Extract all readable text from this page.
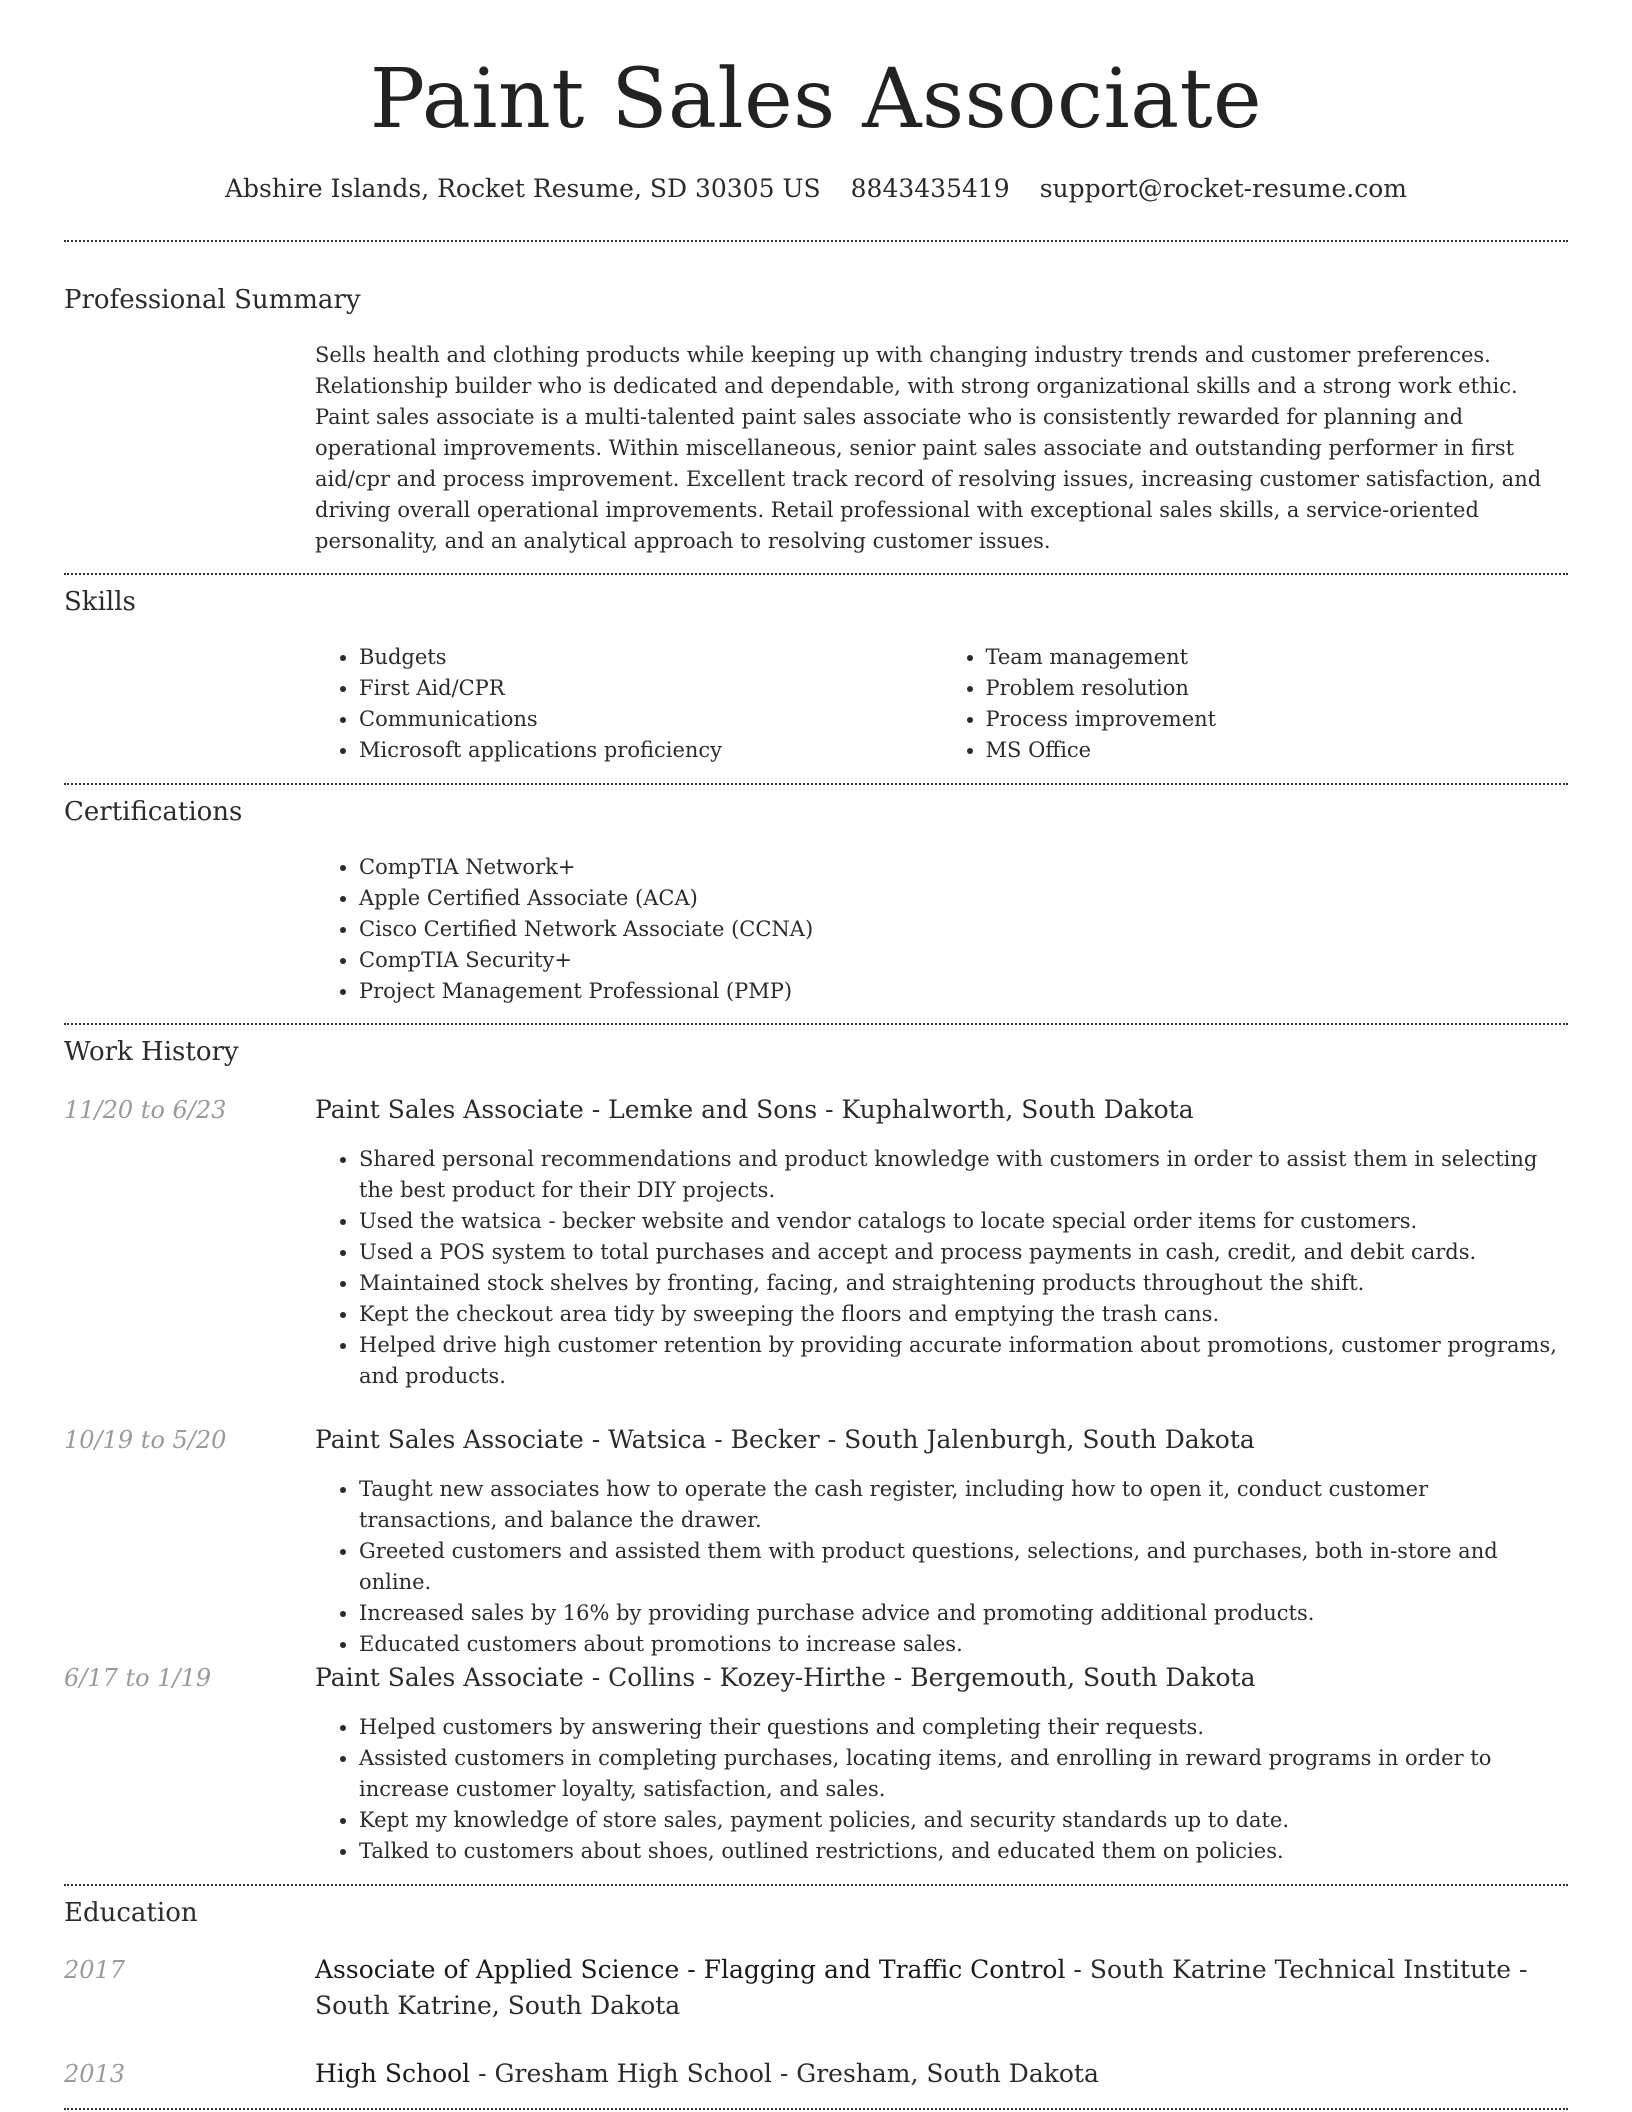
Paint Sales Associate
Abshire Islands, Rocket Resume, SD 30305 US 8843435419 support@rocket-resume.com
Professional Summary
Sells health and clothing products while keeping up with changing industry trends and customer preferences. Relationship builder who is dedicated and dependable, with strong organizational skills and a strong work ethic. Paint sales associate is a multi-talented paint sales associate who is consistently rewarded for planning and operational improvements. Within miscellaneous, senior paint sales associate and outstanding performer in first aid/cpr and process improvement. Excellent track record of resolving issues, increasing customer satisfaction, and driving overall operational improvements. Retail professional with exceptional sales skills, a service-oriented personality, and an analytical approach to resolving customer issues.
Skills
• Budgets
• First Aid/CPR
• Communications
• Microsoft applications proficiency
• Team management
• Problem resolution
• Process improvement
• MS Office
Certifications
• CompTIA Network+
• Apple Certified Associate (ACA)
• Cisco Certified Network Associate (CCNA)
• CompTIA Security+
• Project Management Professional (PMP)
Work History
11/20 to 6/23	Paint Sales Associate - Lemke and Sons - Kuphalworth, South Dakota
• Shared personal recommendations and product knowledge with customers in order to assist them in selecting the best product for their DIY projects.
• Used the watsica - becker website and vendor catalogs to locate special order items for customers.
• Used a POS system to total purchases and accept and process payments in cash, credit, and debit cards.
• Maintained stock shelves by fronting, facing, and straightening products throughout the shift.
• Kept the checkout area tidy by sweeping the floors and emptying the trash cans.
• Helped drive high customer retention by providing accurate information about promotions, customer programs, and products.
10/19 to 5/20	Paint Sales Associate - Watsica - Becker - South Jalenburgh, South Dakota
• Taught new associates how to operate the cash register, including how to open it, conduct customer transactions, and balance the drawer.
• Greeted customers and assisted them with product questions, selections, and purchases, both in-store and online.
• Increased sales by 16% by providing purchase advice and promoting additional products.
• Educated customers about promotions to increase sales.
6/17 to 1/19	Paint Sales Associate - Collins - Kozey-Hirthe - Bergemouth, South Dakota
• Helped customers by answering their questions and completing their requests.
• Assisted customers in completing purchases, locating items, and enrolling in reward programs in order to increase customer loyalty, satisfaction, and sales.
• Kept my knowledge of store sales, payment policies, and security standards up to date.
• Talked to customers about shoes, outlined restrictions, and educated them on policies.
Education
2017	Associate of Applied Science - Flagging and Traffic Control - South Katrine Technical Institute - South Katrine, South Dakota
2013	High School - Gresham High School - Gresham, South Dakota
